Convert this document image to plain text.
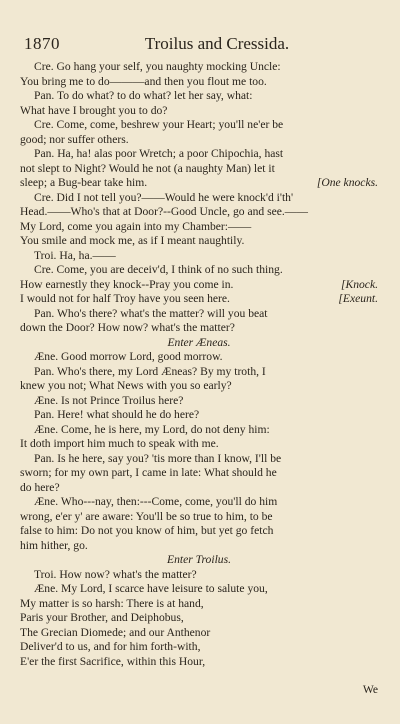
1870	Troilus and Cressida.
Cre. Go hang your self, you naughty mocking Uncle:
You bring me to do———and then you flout me too.
Pan. To do what? to do what? let her say, what:
What have I brought you to do?
Cre. Come, come, beshrew your Heart; you'll ne'er be
good; nor suffer others.
Pan. Ha, ha! alas poor Wretch; a poor Chipochia, hast
not slept to Night? Would he not (a naughty Man) let it
sleep; a Bug-bear take him.	[One knocks.
Cre. Did I not tell you?——Would he were knock'd i'th'
Head.——Who's that at Door?--Good Uncle, go and see.——
My Lord, come you again into my Chamber:——
You smile and mock me, as if I meant naughtily.
Troi. Ha, ha.——
Cre. Come, you are deceiv'd, I think of no such thing.
How earnestly they knock--Pray you come in.	[Knock.
I would not for half Troy have you seen here.	[Exeunt.
Pan. Who's there? what's the matter? will you beat
down the Door? How now? what's the matter?
Enter Æneas.
Æne. Good morrow Lord, good morrow.
Pan. Who's there, my Lord Æneas? By my troth, I
knew you not; What News with you so early?
Æne. Is not Prince Troilus here?
Pan. Here! what should he do here?
Æne. Come, he is here, my Lord, do not deny him:
It doth import him much to speak with me.
Pan. Is he here, say you? 'tis more than I know, I'll be
sworn; for my own part, I came in late: What should he
do here?
Æne. Who---nay, then:---Come, come, you'll do him
wrong, e'er y' are aware: You'll be so true to him, to be
false to him: Do not you know of him, but yet go fetch
him hither, go.
Enter Troilus.
Troi. How now? what's the matter?
Æne. My Lord, I scarce have leisure to salute you,
My matter is so harsh: There is at hand,
Paris your Brother, and Deiphobus,
The Grecian Diomede; and our Anthenor
Deliver'd to us, and for him forth-with,
E'er the first Sacrifice, within this Hour,
We
